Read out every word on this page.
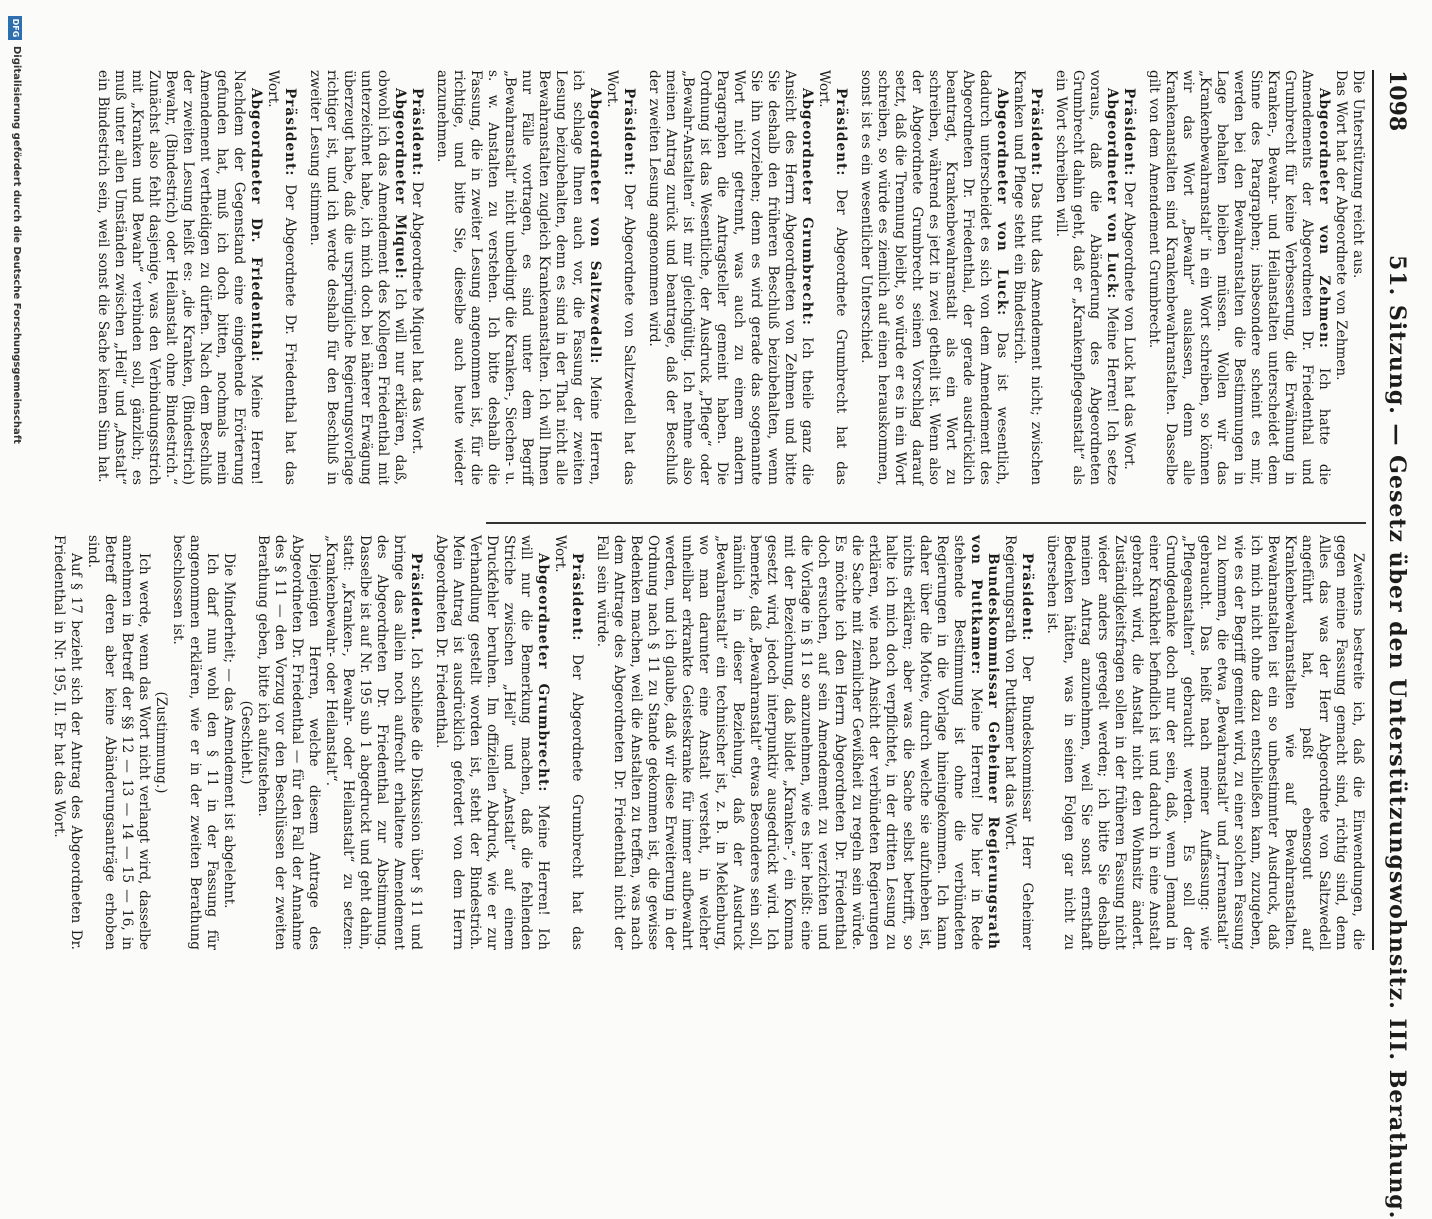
1098
51. Sitzung. — Gesetz über den Unterstützungswohnsitz. III. Berathung.

Die Unterstützung reicht aus.

Das Wort hat der Abgeordnete von Zehmen.

Abgeordneter von Zehmen: Ich hatte die Amendements der Abgeordneten Dr. Friedenthal und Grumbrecht für keine Verbesserung, die Erwähnung in Kranken-, Bewahr- und Heilanstalten unterscheidet dem Sinne des Paragraphen; insbesondere scheint es mir, werden bei den Bewahranstalten die Bestimmungen in Lage behalten bleiben müssen. Wollen wir das „Krankenbewahranstalt“ in ein Wort schreiben, so können wir das Wort „Bewahr“ auslassen, denn alle Krankenanstalten sind Krankenbewahranstalten. Dasselbe gilt von dem Amendement Grumbrecht.

Präsident: Der Abgeordnete von Luck hat das Wort.

Abgeordneter von Luck: Meine Herren! Ich setze voraus, daß die Abänderung des Abgeordneten Grumbrecht dahin geht, daß er „Krankenpflegeanstalt“ als ein Wort schreiben will.

Präsident: Das thut das Amendement nicht; zwischen Kranken und Pflege steht ein Bindestrich.

Abgeordneter von Luck: Das ist wesentlich, dadurch unterscheidet es sich von dem Amendement des Abgeordneten Dr. Friedenthal, der gerade ausdrücklich beantragt, Krankenbewahranstalt als ein Wort zu schreiben, während es jetzt in zwei getheilt ist. Wenn also der Abgeordnete Grumbrecht seinen Vorschlag darauf setzt, daß die Trennung bleibt, so würde er es in ein Wort schreiben, so würde es ziemlich auf einen herauskommen, sonst ist es ein wesentlicher Unterschied.

Präsident: Der Abgeordnete Grumbrecht hat das Wort.

Abgeordneter Grumbrecht: Ich theile ganz die Ansicht des Herrn Abgeordneten von Zehmen und bitte Sie deshalb den früheren Beschluß beizubehalten, wenn Sie ihn vorziehen; denn es wird gerade das sogenannte Wort nicht getrennt, was auch zu einem andern Paragraphen die Antragsteller gemeint haben. Die Ordnung ist das Wesentliche, der Ausdruck „Pflege“ oder „Bewahr-Anstalten“ ist mir gleichgültig. Ich nehme also meinen Antrag zurück und beantrage, daß der Beschluß der zweiten Lesung angenommen wird.

Präsident: Der Abgeordnete von Saltzwedell hat das Wort.

Abgeordneter von Saltzwedell: Meine Herren, ich schlage Ihnen auch vor, die Fassung der zweiten Lesung beizubehalten, denn es sind in der That nicht alle Bewahranstalten zugleich Krankenanstalten. Ich will Ihnen nur Fälle vortragen, es sind unter dem Begriff „Bewahranstalt“ nicht unbedingt die Kranken-, Siechen- u. s. w. Anstalten zu verstehen. Ich bitte deshalb die Fassung, die in zweiter Lesung angenommen ist, für die richtige, und bitte Sie, dieselbe auch heute wieder anzunehmen.

Präsident: Der Abgeordnete Miquel hat das Wort.

Abgeordneter Miquel: Ich will nur erklären, daß, obwohl ich das Amendement des Kollegen Friedenthal mit unterzeichnet habe, ich mich doch bei näherer Erwägung überzeugt habe, daß die ursprüngliche Regierungsvorlage richtiger ist, und ich werde deshalb für den Beschluß in zweiter Lesung stimmen.

Präsident: Der Abgeordnete Dr. Friedenthal hat das Wort.

Abgeordneter Dr. Friedenthal: Meine Herren! Nachdem der Gegenstand eine eingehende Erörterung gefunden hat, muß ich doch bitten, nochmals mein Amendement vertheidigen zu dürfen. Nach dem Beschluß der zweiten Lesung heißt es: „die Kranken, (Bindestrich) Bewahr, (Bindestrich) oder Heilanstalt ohne Bindestrich.“ Zunächst also fehlt dasjenige, was den Verbindungsstrich mit „Kranken und Bewahr“ verbinden soll, gänzlich; es muß unter allen Umständen zwischen „Heil“ und „Anstalt“ ein Bindestrich sein, weil sonst die Sache keinen Sinn hat.

Zweitens bestreite ich, daß die Einwendungen, die gegen meine Fassung gemacht sind, richtig sind, denn Alles das was der Herr Abgeordnete von Saltzwedell angeführt hat, paßt ebensogut auf Krankenbewahranstalten wie auf Bewahranstalten. Bewahranstalten ist ein so unbestimmter Ausdruck, daß ich mich nicht ohne dazu entschließen kann, zuzugeben, wie es der Begriff gemeint wird, zu einer solchen Fassung zu kommen, die etwa „Bewahranstalt“ und „Irrenanstalt“ gebraucht. Das heißt nach meiner Auffassung: wie „Pflegeanstalten“ gebraucht werden. Es soll der Grundgedanke doch nur der sein, daß, wenn Jemand in einer Krankheit befindlich ist und dadurch in eine Anstalt gebracht wird, die Anstalt nicht den Wohnsitz ändert. Zuständigkeitsfragen sollen in der früheren Fassung nicht wieder anders geregelt werden; ich bitte Sie deshalb meinen Antrag anzunehmen, weil Sie sonst ernsthaft Bedenken hätten, was in seinen Folgen gar nicht zu übersehen ist.

Präsident: Der Bundeskommissar Herr Geheimer Regierungsrath von Puttkamer hat das Wort.

Bundeskommissar Geheimer Regierungsrath von Puttkamer: Meine Herren! Die hier in Rede stehende Bestimmung ist ohne die verbündeten Regierungen in die Vorlage hineingekommen. Ich kann daher über die Motive, durch welche sie aufzuheben ist, nichts erklären; aber was die Sache selbst betrifft, so halte ich mich doch verpflichtet, in der dritten Lesung zu erklären, wie nach Ansicht der verbündeten Regierungen die Sache mit ziemlicher Gewißheit zu regeln sein würde. Es möchte ich den Herrn Abgeordneten Dr. Friedenthal doch ersuchen, auf sein Amendement zu verzichten und die Vorlage in § 11 so anzunehmen, wie es hier heißt: eine mit der Bezeichnung, daß bildet „Kranken-“, ein Komma gesetzt wird, jedoch interpunktiv ausgedrückt wird. Ich bemerke, daß „Bewahranstalt“ etwas Besonderes sein soll, nämlich in dieser Beziehung, daß der Ausdruck „Bewahranstalt“ ein technischer ist, z. B. in Meklenburg, wo man darunter eine Anstalt versteht, in welcher unheilbar erkrankte Geisteskranke für immer aufbewahrt werden, und ich glaube, daß wir diese Erweiterung in der Ordnung nach § 11 zu Stande gekommen ist, die gewisse Bedenken machen, weil die Anstalten zu treffen, was nach dem Antrage des Abgeordneten Dr. Friedenthal nicht der Fall sein würde.

Präsident: Der Abgeordnete Grumbrecht hat das Wort.

Abgeordneter Grumbrecht: Meine Herren! Ich will nur die Bemerkung machen, daß die fehlenden Striche zwischen „Heil“ und „Anstalt“ auf einem Druckfehler beruhen. Im offiziellen Abdruck, wie er zur Verhandlung gestellt worden ist, steht der Bindestrich. Mein Antrag ist ausdrücklich gefordert von dem Herrn Abgeordneten Dr. Friedenthal.

Präsident. Ich schließe die Diskussion über § 11 und bringe das allein noch aufrecht erhaltene Amendement des Abgeordneten Dr. Friedenthal zur Abstimmung. Dasselbe ist auf Nr. 195 sub 1 abgedruckt und geht dahin, statt: „Kranken-, Bewahr- oder Heilanstalt“ zu setzen: „Krankenbewahr- oder Heilanstalt“.

Diejenigen Herren, welche diesem Antrage des Abgeordneten Dr. Friedenthal — für den Fall der Annahme des § 11 — den Vorzug vor den Beschlüssen der zweiten Berathung geben, bitte ich aufzustehen.

(Geschieht.)

Die Minderheit; — das Amendement ist abgelehnt.

Ich darf nun wohl den § 11 in der Fassung für angenommen erklären, wie er in der zweiten Berathung beschlossen ist.

(Zustimmung.)

Ich werde, wenn das Wort nicht verlangt wird, dasselbe annehmen in Betreff der §§ 12 — 13 — 14 — 15 — 16, in Betreff deren aber keine Abänderungsanträge erhoben sind.

Auf § 17 bezieht sich der Antrag des Abgeordneten Dr. Friedenthal in Nr. 195, II. Er hat das Wort.

DFG
Digitalisierung gefördert durch die Deutsche Forschungsgemeinschaft
